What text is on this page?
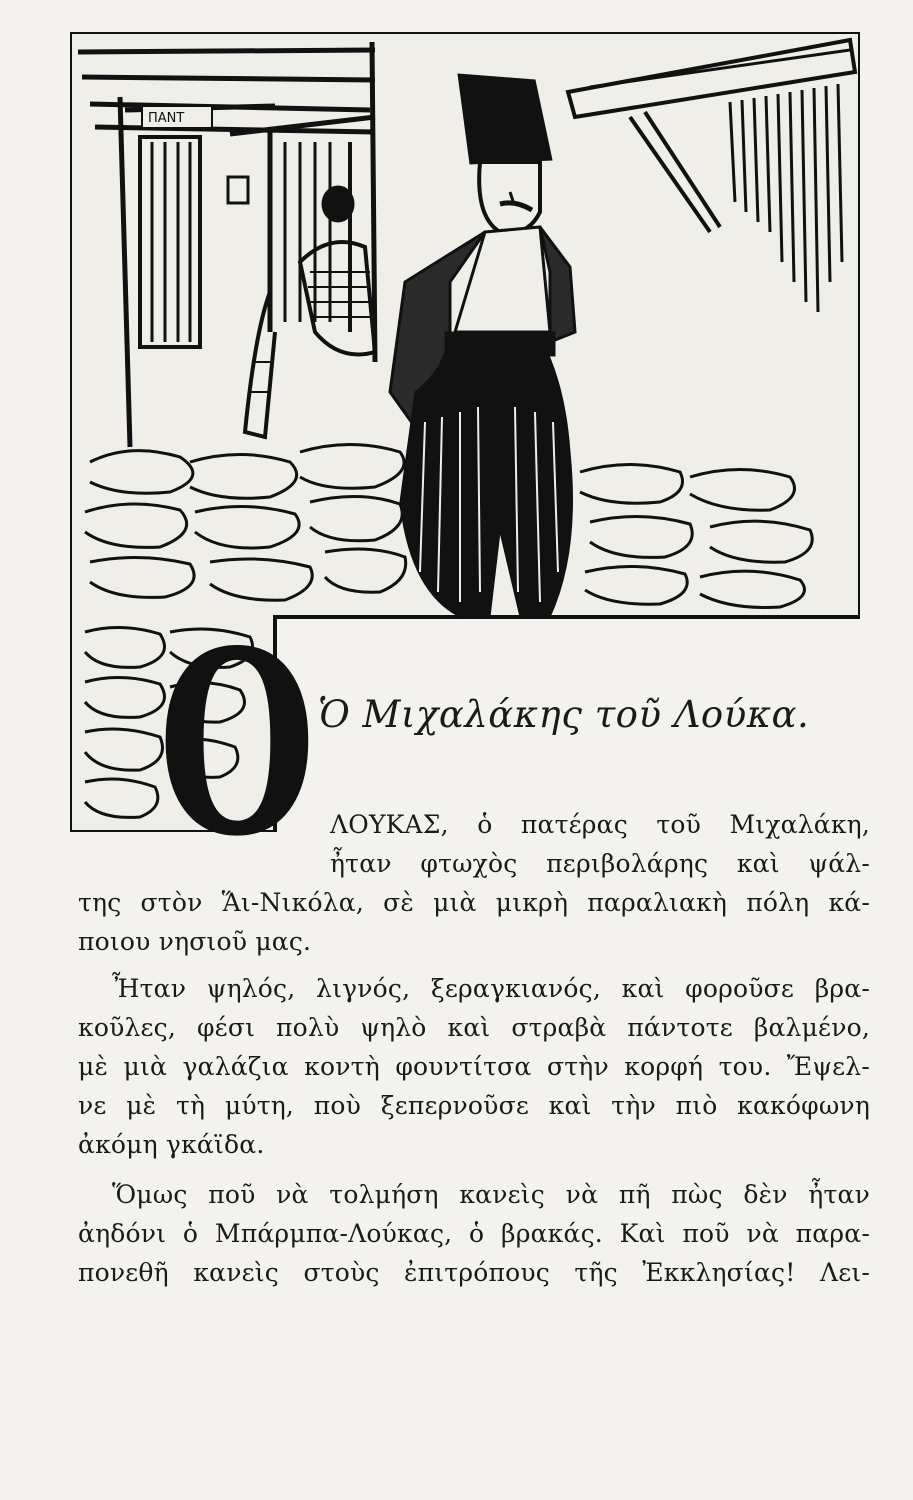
ΠΑΝΤ
Ο Ὁ Μιχαλάκης τοῦ Λούκα.
ΛΟΥΚΑΣ, ὁ πατέρας τοῦ Μιχαλάκη,
ἦταν φτωχὸς περιβολάρης καὶ ψάλ-
της στὸν Ἅι-Νικόλα, σὲ μιὰ μικρὴ παραλιακὴ πόλη κά-
ποιου νησιοῦ μας.
Ἦταν ψηλός, λιγνός, ξεραγκιανός, καὶ φοροῦσε βρα-
κοῦλες, φέσι πολὺ ψηλὸ καὶ στραβὰ πάντοτε βαλμένο,
μὲ μιὰ γαλάζια κοντὴ φουντίτσα στὴν κορφή του. Ἔψελ-
νε μὲ τὴ μύτη, ποὺ ξεπερνοῦσε καὶ τὴν πιὸ κακόφωνη
ἀκόμη γκάϊδα.
Ὅμως ποῦ νὰ τολμήση κανεὶς νὰ πῆ πὼς δὲν ἦταν
ἀηδόνι ὁ Μπάρμπα-Λούκας, ὁ βρακάς. Καὶ ποῦ νὰ παρα-
πονεθῆ κανεὶς στοὺς ἐπιτρόπους τῆς Ἐκκλησίας! Λει-
